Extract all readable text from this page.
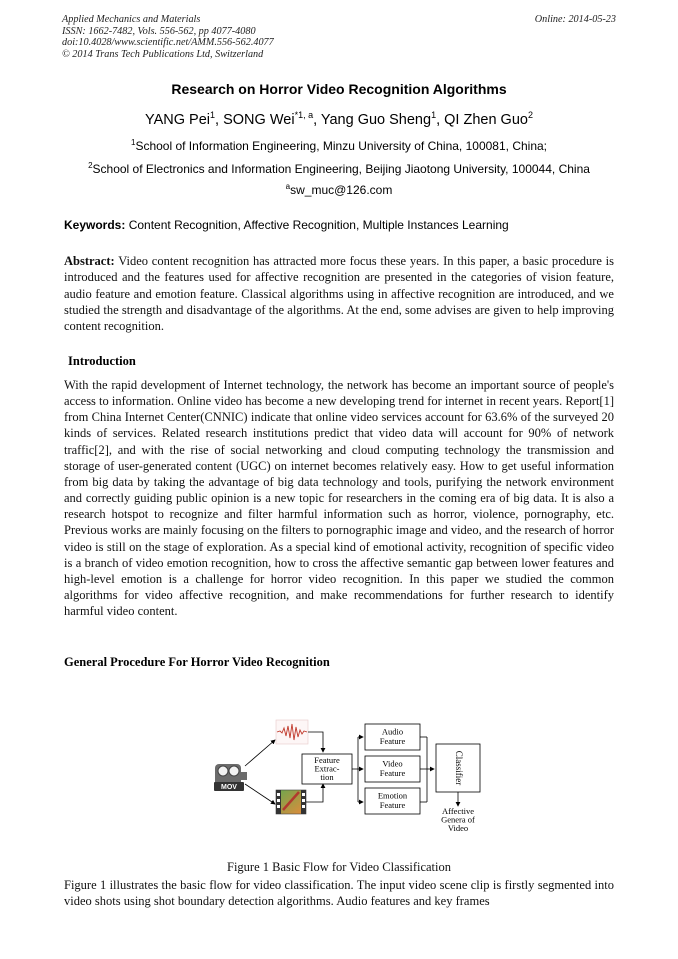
Applied Mechanics and Materials
ISSN: 1662-7482, Vols. 556-562, pp 4077-4080
doi:10.4028/www.scientific.net/AMM.556-562.4077
© 2014 Trans Tech Publications Ltd, Switzerland
Online: 2014-05-23
Research on Horror Video Recognition Algorithms
YANG Pei$^1$, SONG Wei$^{*1, a}$, Yang Guo Sheng$^1$, QI Zhen Guo$^2$
$^1$School of Information Engineering, Minzu University of China, 100081, China;
$^2$School of Electronics and Information Engineering, Beijing Jiaotong University, 100044, China
$^a$sw_muc@126.com
Keywords: Content Recognition, Affective Recognition, Multiple Instances Learning
Abstract: Video content recognition has attracted more focus these years. In this paper, a basic procedure is introduced and the features used for affective recognition are presented in the categories of vision feature, audio feature and emotion feature. Classical algorithms using in affective recognition are introduced, and we studied the strength and disadvantage of the algorithms. At the end, some advises are given to help improving content recognition.
Introduction
With the rapid development of Internet technology, the network has become an important source of people's access to information. Online video has become a new developing trend for internet in recent years. Report[1] from China Internet Center(CNNIC) indicate that online video services account for 63.6% of the surveyed 20 kinds of services. Related research institutions predict that video data will account for 90% of network traffic[2], and with the rise of social networking and cloud computing technology the transmission and storage of user-generated content (UGC) on internet becomes relatively easy. How to get useful information from big data by taking the advantage of big data technology and tools, purifying the network environment and correctly guiding public opinion is a new topic for researchers in the coming era of big data. It is also a research hotspot to recognize and filter harmful information such as horror, violence, pornography, etc. Previous works are mainly focusing on the filters to pornographic image and video, and the research of horror video is still on the stage of exploration. As a special kind of emotional activity, recognition of specific video is a branch of video emotion recognition, how to cross the affective semantic gap between lower features and high-level emotion is a challenge for horror video recognition. In this paper we studied the common algorithms for video affective recognition, and make recommendations for further research to identify harmful video content.
General Procedure For Horror Video Recognition
MOV
Feature
Extrac-
tion
Audio
Feature
Video
Feature
Emotion
Feature
Classifier
Affective
Genera of
Video
Figure 1 Basic Flow for Video Classification
Figure 1 illustrates the basic flow for video classification. The input video scene clip is firstly segmented into video shots using shot boundary detection algorithms. Audio features and key frames
